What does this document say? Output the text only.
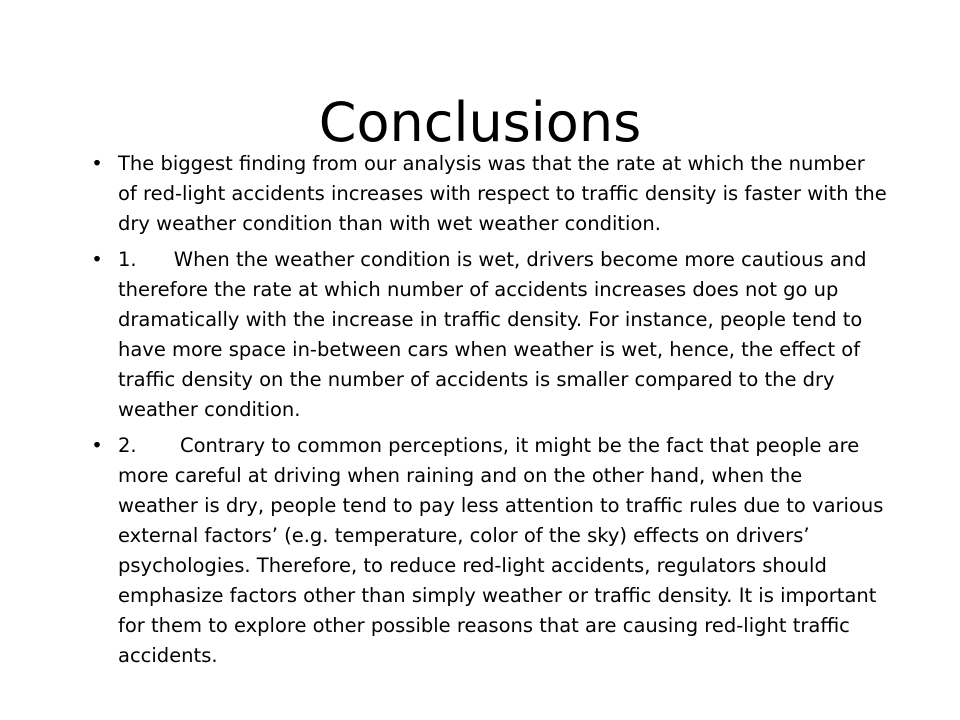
Conclusions
• The biggest finding from our analysis was that the rate at which the number of red-light accidents increases with respect to traffic density is faster with the dry weather condition than with wet weather condition.
• 1.      When the weather condition is wet, drivers become more cautious and therefore the rate at which number of accidents increases does not go up dramatically with the increase in traffic density. For instance, people tend to have more space in-between cars when weather is wet, hence, the effect of traffic density on the number of accidents is smaller compared to the dry weather condition.
• 2.       Contrary to common perceptions, it might be the fact that people are more careful at driving when raining and on the other hand, when the weather is dry, people tend to pay less attention to traffic rules due to various external factors’ (e.g. temperature, color of the sky) effects on drivers’ psychologies. Therefore, to reduce red-light accidents, regulators should emphasize factors other than simply weather or traffic density. It is important for them to explore other possible reasons that are causing red-light traffic accidents.
